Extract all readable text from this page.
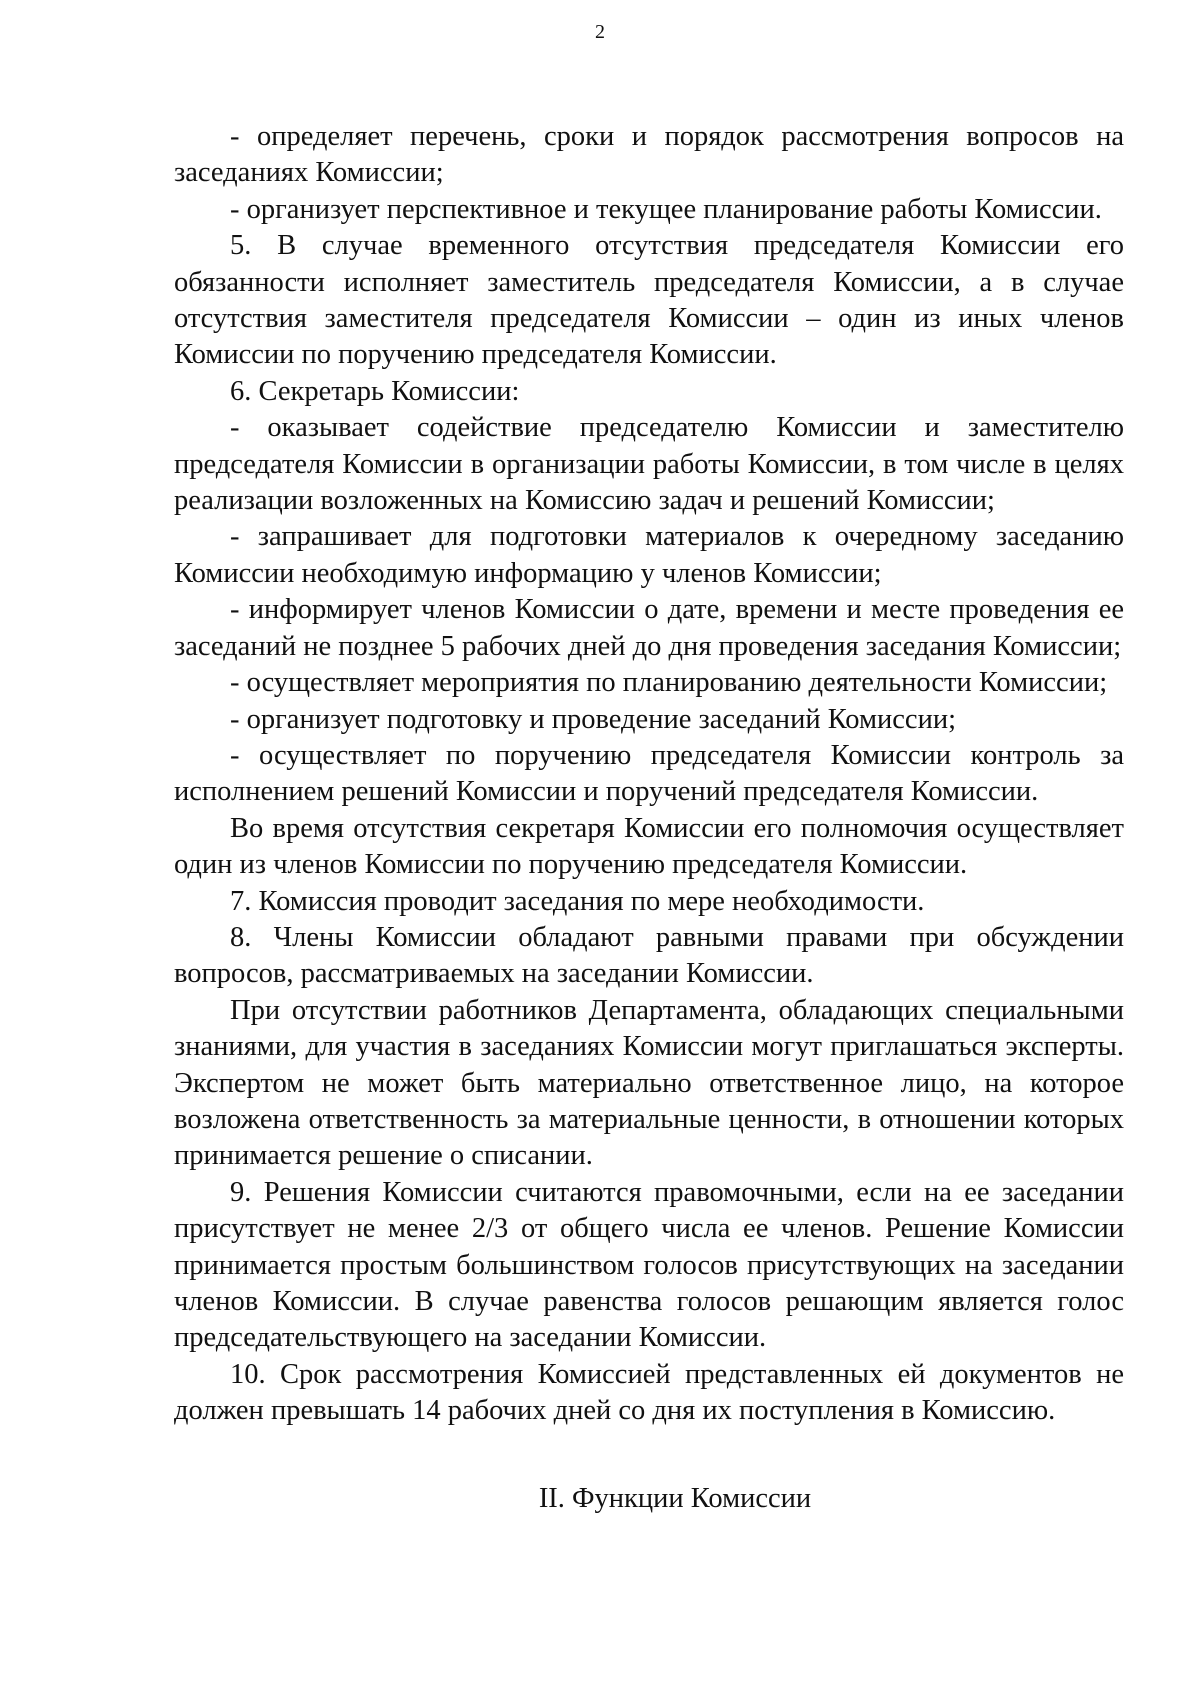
2

- определяет перечень, сроки и порядок рассмотрения вопросов на заседаниях Комиссии;

- организует перспективное и текущее планирование работы Комиссии.

5. В случае временного отсутствия председателя Комиссии его обязанности исполняет заместитель председателя Комиссии, а в случае отсутствия заместителя председателя Комиссии – один из иных членов Комиссии по поручению председателя Комиссии.

6. Секретарь Комиссии:

- оказывает содействие председателю Комиссии и заместителю председателя Комиссии в организации работы Комиссии, в том числе в целях реализации возложенных на Комиссию задач и решений Комиссии;

- запрашивает для подготовки материалов к очередному заседанию Комиссии необходимую информацию у членов Комиссии;

- информирует членов Комиссии о дате, времени и месте проведения ее заседаний не позднее 5 рабочих дней до дня проведения заседания Комиссии;

- осуществляет мероприятия по планированию деятельности Комиссии;

- организует подготовку и проведение заседаний Комиссии;

- осуществляет по поручению председателя Комиссии контроль за исполнением решений Комиссии и поручений председателя Комиссии.

Во время отсутствия секретаря Комиссии его полномочия осуществляет один из членов Комиссии по поручению председателя Комиссии.

7. Комиссия проводит заседания по мере необходимости.

8. Члены Комиссии обладают равными правами при обсуждении вопросов, рассматриваемых на заседании Комиссии.

При отсутствии работников Департамента, обладающих специальными знаниями, для участия в заседаниях Комиссии могут приглашаться эксперты. Экспертом не может быть материально ответственное лицо, на которое возложена ответственность за материальные ценности, в отношении которых принимается решение о списании.

9. Решения Комиссии считаются правомочными, если на ее заседании присутствует не менее 2/3 от общего числа ее членов. Решение Комиссии принимается простым большинством голосов присутствующих на заседании членов Комиссии. В случае равенства голосов решающим является голос председательствующего на заседании Комиссии.

10. Срок рассмотрения Комиссией представленных ей документов не должен превышать 14 рабочих дней со дня их поступления в Комиссию.

II. Функции Комиссии
